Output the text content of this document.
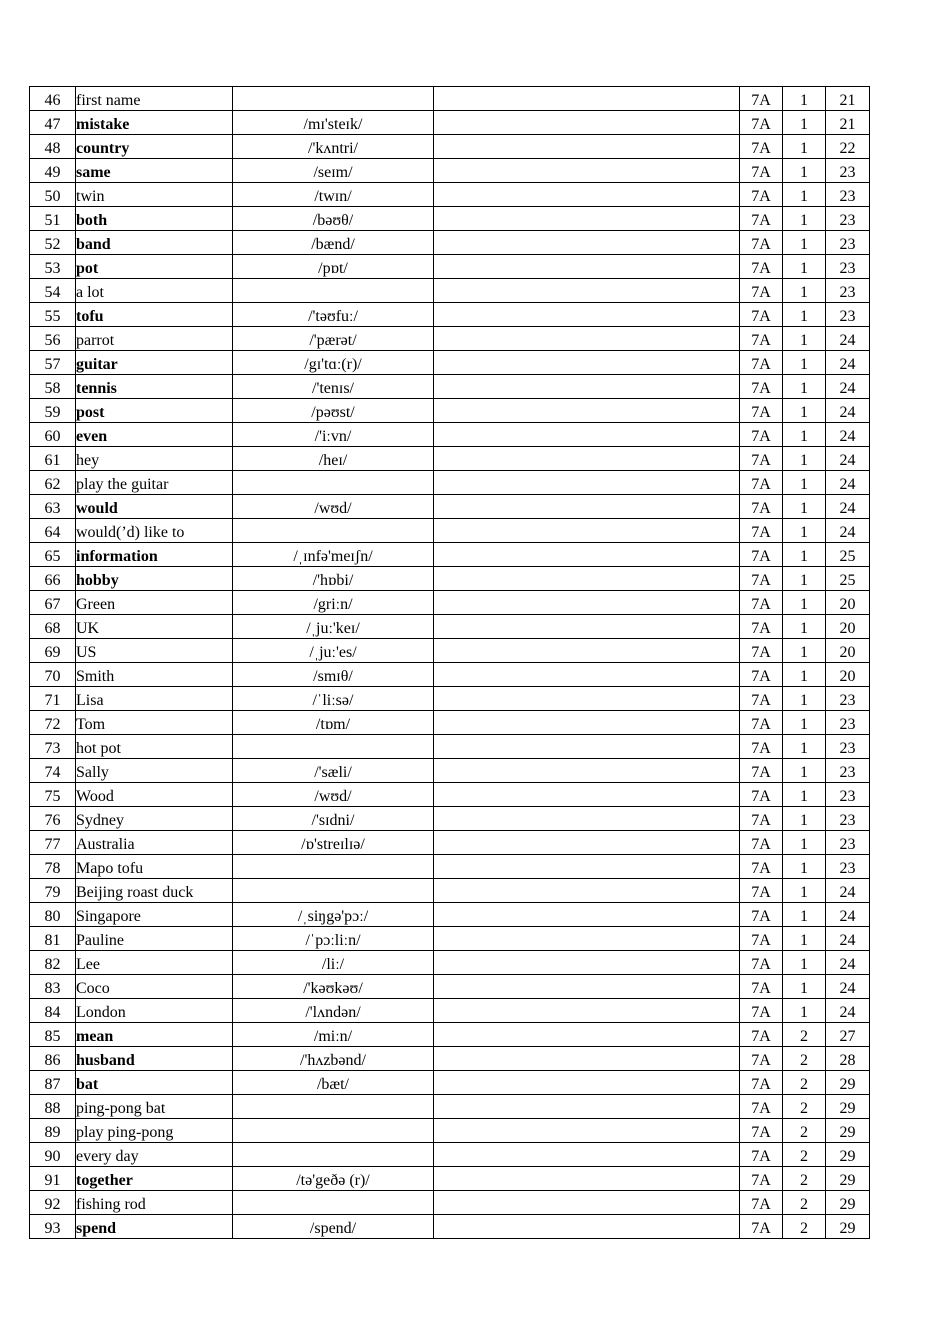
46	first name			7A	1	21
47	mistake	/mɪ'steɪk/		7A	1	21
48	country	/'kʌntri/		7A	1	22
49	same	/seɪm/		7A	1	23
50	twin	/twɪn/		7A	1	23
51	both	/bəʊθ/		7A	1	23
52	band	/bænd/		7A	1	23
53	pot	/pɒt/		7A	1	23
54	a lot			7A	1	23
55	tofu	/'təʊfuː/		7A	1	23
56	parrot	/'pærət/		7A	1	24
57	guitar	/gɪ'tɑː(r)/		7A	1	24
58	tennis	/'tenɪs/		7A	1	24
59	post	/pəʊst/		7A	1	24
60	even	/'iːvn/		7A	1	24
61	hey	/heɪ/		7A	1	24
62	play the guitar			7A	1	24
63	would	/wʊd/		7A	1	24
64	would(’d) like to			7A	1	24
65	information	/ˌɪnfə'meɪʃn/		7A	1	25
66	hobby	/'hɒbi/		7A	1	25
67	Green	/griːn/		7A	1	20
68	UK	/ˌjuː'keɪ/		7A	1	20
69	US	/ˌjuː'es/		7A	1	20
70	Smith	/smɪθ/		7A	1	20
71	Lisa	/ˈliːsə/		7A	1	23
72	Tom	/tɒm/		7A	1	23
73	hot pot			7A	1	23
74	Sally	/'sæli/		7A	1	23
75	Wood	/wʊd/		7A	1	23
76	Sydney	/'sɪdni/		7A	1	23
77	Australia	/ɒ'streɪlɪə/		7A	1	23
78	Mapo tofu			7A	1	23
79	Beijing roast duck			7A	1	24
80	Singapore	/ˌsiŋgə'pɔː/		7A	1	24
81	Pauline	/ˈpɔːliːn/		7A	1	24
82	Lee	/liː/		7A	1	24
83	Coco	/'kəʊkəʊ/		7A	1	24
84	London	/'lʌndən/		7A	1	24
85	mean	/miːn/		7A	2	27
86	husband	/'hʌzbənd/		7A	2	28
87	bat	/bæt/		7A	2	29
88	ping-pong bat			7A	2	29
89	play ping-pong			7A	2	29
90	every day			7A	2	29
91	together	/tə'geðə (r)/		7A	2	29
92	fishing rod			7A	2	29
93	spend	/spend/		7A	2	29
